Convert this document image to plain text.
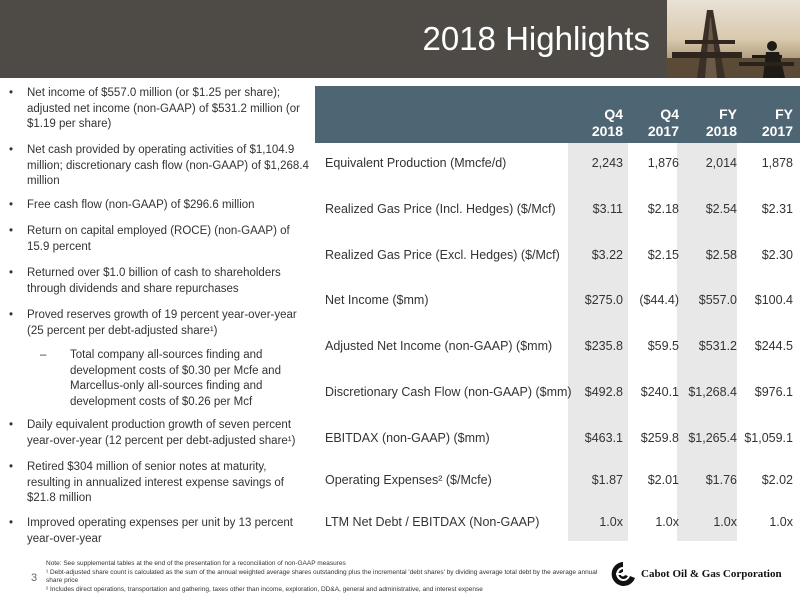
2018 Highlights
•	Net income of $557.0 million (or $1.25 per share); adjusted net income (non-GAAP) of $531.2 million (or $1.19 per share)
•	Net cash provided by operating activities of $1,104.9 million; discretionary cash flow (non-GAAP) of $1,268.4 million
•	Free cash flow (non-GAAP) of $296.6 million
•	Return on capital employed (ROCE) (non-GAAP) of 15.9 percent
•	Returned over $1.0 billion of cash to shareholders through dividends and share repurchases
•	Proved reserves growth of 19 percent year-over-year (25 percent per debt-adjusted share¹)
– Total company all-sources finding and development costs of $0.30 per Mcfe and Marcellus-only all-sources finding and development costs of $0.26 per Mcf
•	Daily equivalent production growth of seven percent year-over-year (12 percent per debt-adjusted share¹)
•	Retired $304 million of senior notes at maturity, resulting in annualized interest expense savings of $21.8 million
•	Improved operating expenses per unit by 13 percent year-over-year
Q4
2018
Q4
2017
FY
2018
FY
2017
Equivalent Production (Mmcfe/d)	2,243	1,876	2,014	1,878
Realized Gas Price (Incl. Hedges) ($/Mcf)	$3.11	$2.18	$2.54	$2.31
Realized Gas Price (Excl. Hedges) ($/Mcf)	$3.22	$2.15	$2.58	$2.30
Net Income ($mm)	$275.0	($44.4)	$557.0	$100.4
Adjusted Net Income (non-GAAP) ($mm)	$235.8	$59.5	$531.2	$244.5
Discretionary Cash Flow (non-GAAP) ($mm)	$492.8	$240.1 $1,268.4	$976.1
EBITDAX (non-GAAP) ($mm)	$463.1	$259.8 $1,265.4 $1,059.1
Operating Expenses² ($/Mcfe)	$1.87	$2.01	$1.76	$2.02
LTM Net Debt / EBITDAX (Non-GAAP)	1.0x	1.0x	1.0x	1.0x
Note: See supplemental tables at the end of the presentation for a reconciliation of non-GAAP measures
¹ Debt-adjusted share count is calculated as the sum of the annual weighted average shares outstanding plus the incremental 'debt shares' by dividing average total debt by the average annual share price
² Includes direct operations, transportation and gathering, taxes other than income, exploration, DD&A, general and administrative, and interest expense
3	Cabot Oil & Gas Corporation
